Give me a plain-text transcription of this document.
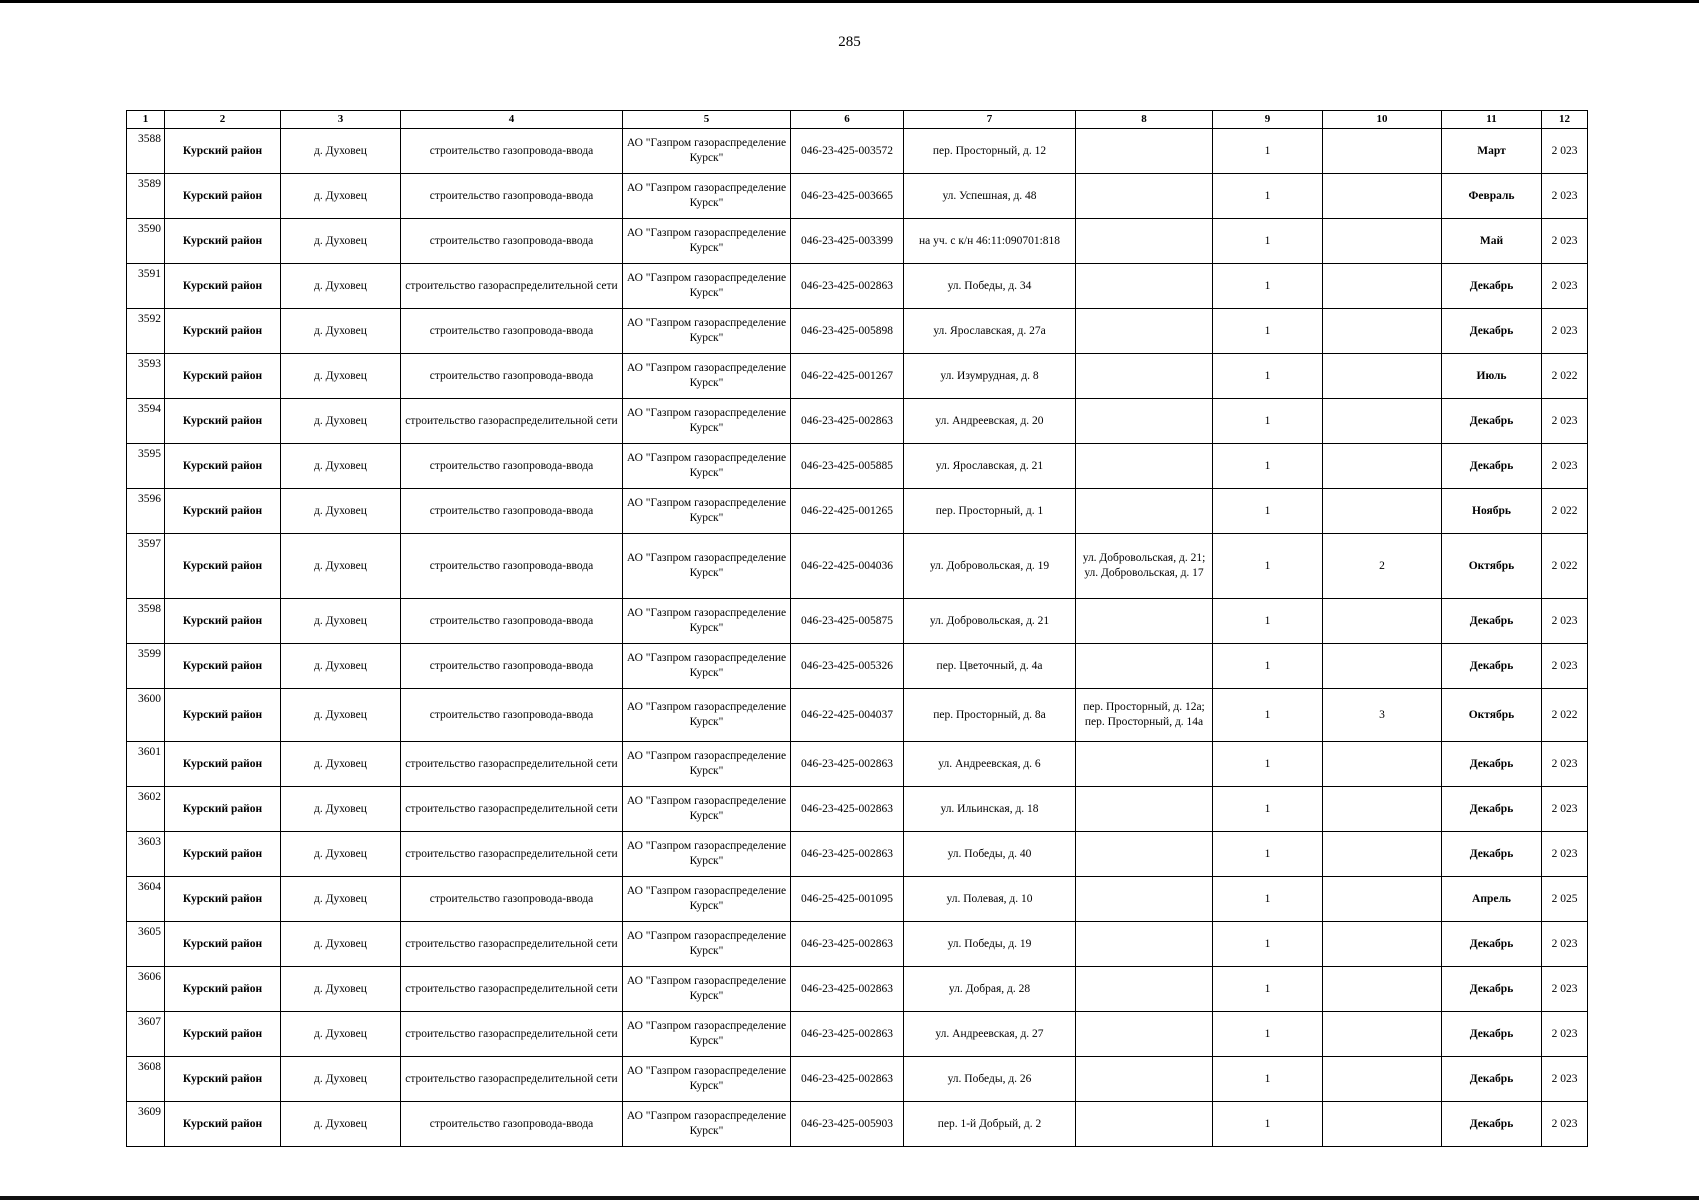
285
1	2	3	4	5	6	7	8	9	10	11	12
3588	Курский район	д. Духовец	строительство газопровода-ввода	АО "Газпром газораспределение Курск"	046-23-425-003572	пер. Просторный, д. 12		1		Март	2 023
3589	Курский район	д. Духовец	строительство газопровода-ввода	АО "Газпром газораспределение Курск"	046-23-425-003665	ул. Успешная, д. 48		1		Февраль	2 023
3590	Курский район	д. Духовец	строительство газопровода-ввода	АО "Газпром газораспределение Курск"	046-23-425-003399	на уч. с к/н 46:11:090701:818		1		Май	2 023
3591	Курский район	д. Духовец	строительство газораспределительной сети	АО "Газпром газораспределение Курск"	046-23-425-002863	ул. Победы, д. 34		1		Декабрь	2 023
3592	Курский район	д. Духовец	строительство газопровода-ввода	АО "Газпром газораспределение Курск"	046-23-425-005898	ул. Ярославская, д. 27а		1		Декабрь	2 023
3593	Курский район	д. Духовец	строительство газопровода-ввода	АО "Газпром газораспределение Курск"	046-22-425-001267	ул. Изумрудная, д. 8		1		Июль	2 022
3594	Курский район	д. Духовец	строительство газораспределительной сети	АО "Газпром газораспределение Курск"	046-23-425-002863	ул. Андреевская, д. 20		1		Декабрь	2 023
3595	Курский район	д. Духовец	строительство газопровода-ввода	АО "Газпром газораспределение Курск"	046-23-425-005885	ул. Ярославская, д. 21		1		Декабрь	2 023
3596	Курский район	д. Духовец	строительство газопровода-ввода	АО "Газпром газораспределение Курск"	046-22-425-001265	пер. Просторный, д. 1		1		Ноябрь	2 022
3597	Курский район	д. Духовец	строительство газопровода-ввода	АО "Газпром газораспределение Курск"	046-22-425-004036	ул. Добровольская, д. 19	ул. Добровольская, д. 21; ул. Добровольская, д. 17	1	2	Октябрь	2 022
3598	Курский район	д. Духовец	строительство газопровода-ввода	АО "Газпром газораспределение Курск"	046-23-425-005875	ул. Добровольская, д. 21		1		Декабрь	2 023
3599	Курский район	д. Духовец	строительство газопровода-ввода	АО "Газпром газораспределение Курск"	046-23-425-005326	пер. Цветочный, д. 4а		1		Декабрь	2 023
3600	Курский район	д. Духовец	строительство газопровода-ввода	АО "Газпром газораспределение Курск"	046-22-425-004037	пер. Просторный, д. 8а	пер. Просторный, д. 12а; пер. Просторный, д. 14а	1	3	Октябрь	2 022
3601	Курский район	д. Духовец	строительство газораспределительной сети	АО "Газпром газораспределение Курск"	046-23-425-002863	ул. Андреевская, д. 6		1		Декабрь	2 023
3602	Курский район	д. Духовец	строительство газораспределительной сети	АО "Газпром газораспределение Курск"	046-23-425-002863	ул. Ильинская, д. 18		1		Декабрь	2 023
3603	Курский район	д. Духовец	строительство газораспределительной сети	АО "Газпром газораспределение Курск"	046-23-425-002863	ул. Победы, д. 40		1		Декабрь	2 023
3604	Курский район	д. Духовец	строительство газопровода-ввода	АО "Газпром газораспределение Курск"	046-25-425-001095	ул. Полевая, д. 10		1		Апрель	2 025
3605	Курский район	д. Духовец	строительство газораспределительной сети	АО "Газпром газораспределение Курск"	046-23-425-002863	ул. Победы, д. 19		1		Декабрь	2 023
3606	Курский район	д. Духовец	строительство газораспределительной сети	АО "Газпром газораспределение Курск"	046-23-425-002863	ул. Добрая, д. 28		1		Декабрь	2 023
3607	Курский район	д. Духовец	строительство газораспределительной сети	АО "Газпром газораспределение Курск"	046-23-425-002863	ул. Андреевская, д. 27		1		Декабрь	2 023
3608	Курский район	д. Духовец	строительство газораспределительной сети	АО "Газпром газораспределение Курск"	046-23-425-002863	ул. Победы, д. 26		1		Декабрь	2 023
3609	Курский район	д. Духовец	строительство газопровода-ввода	АО "Газпром газораспределение Курск"	046-23-425-005903	пер. 1-й Добрый, д. 2		1		Декабрь	2 023
